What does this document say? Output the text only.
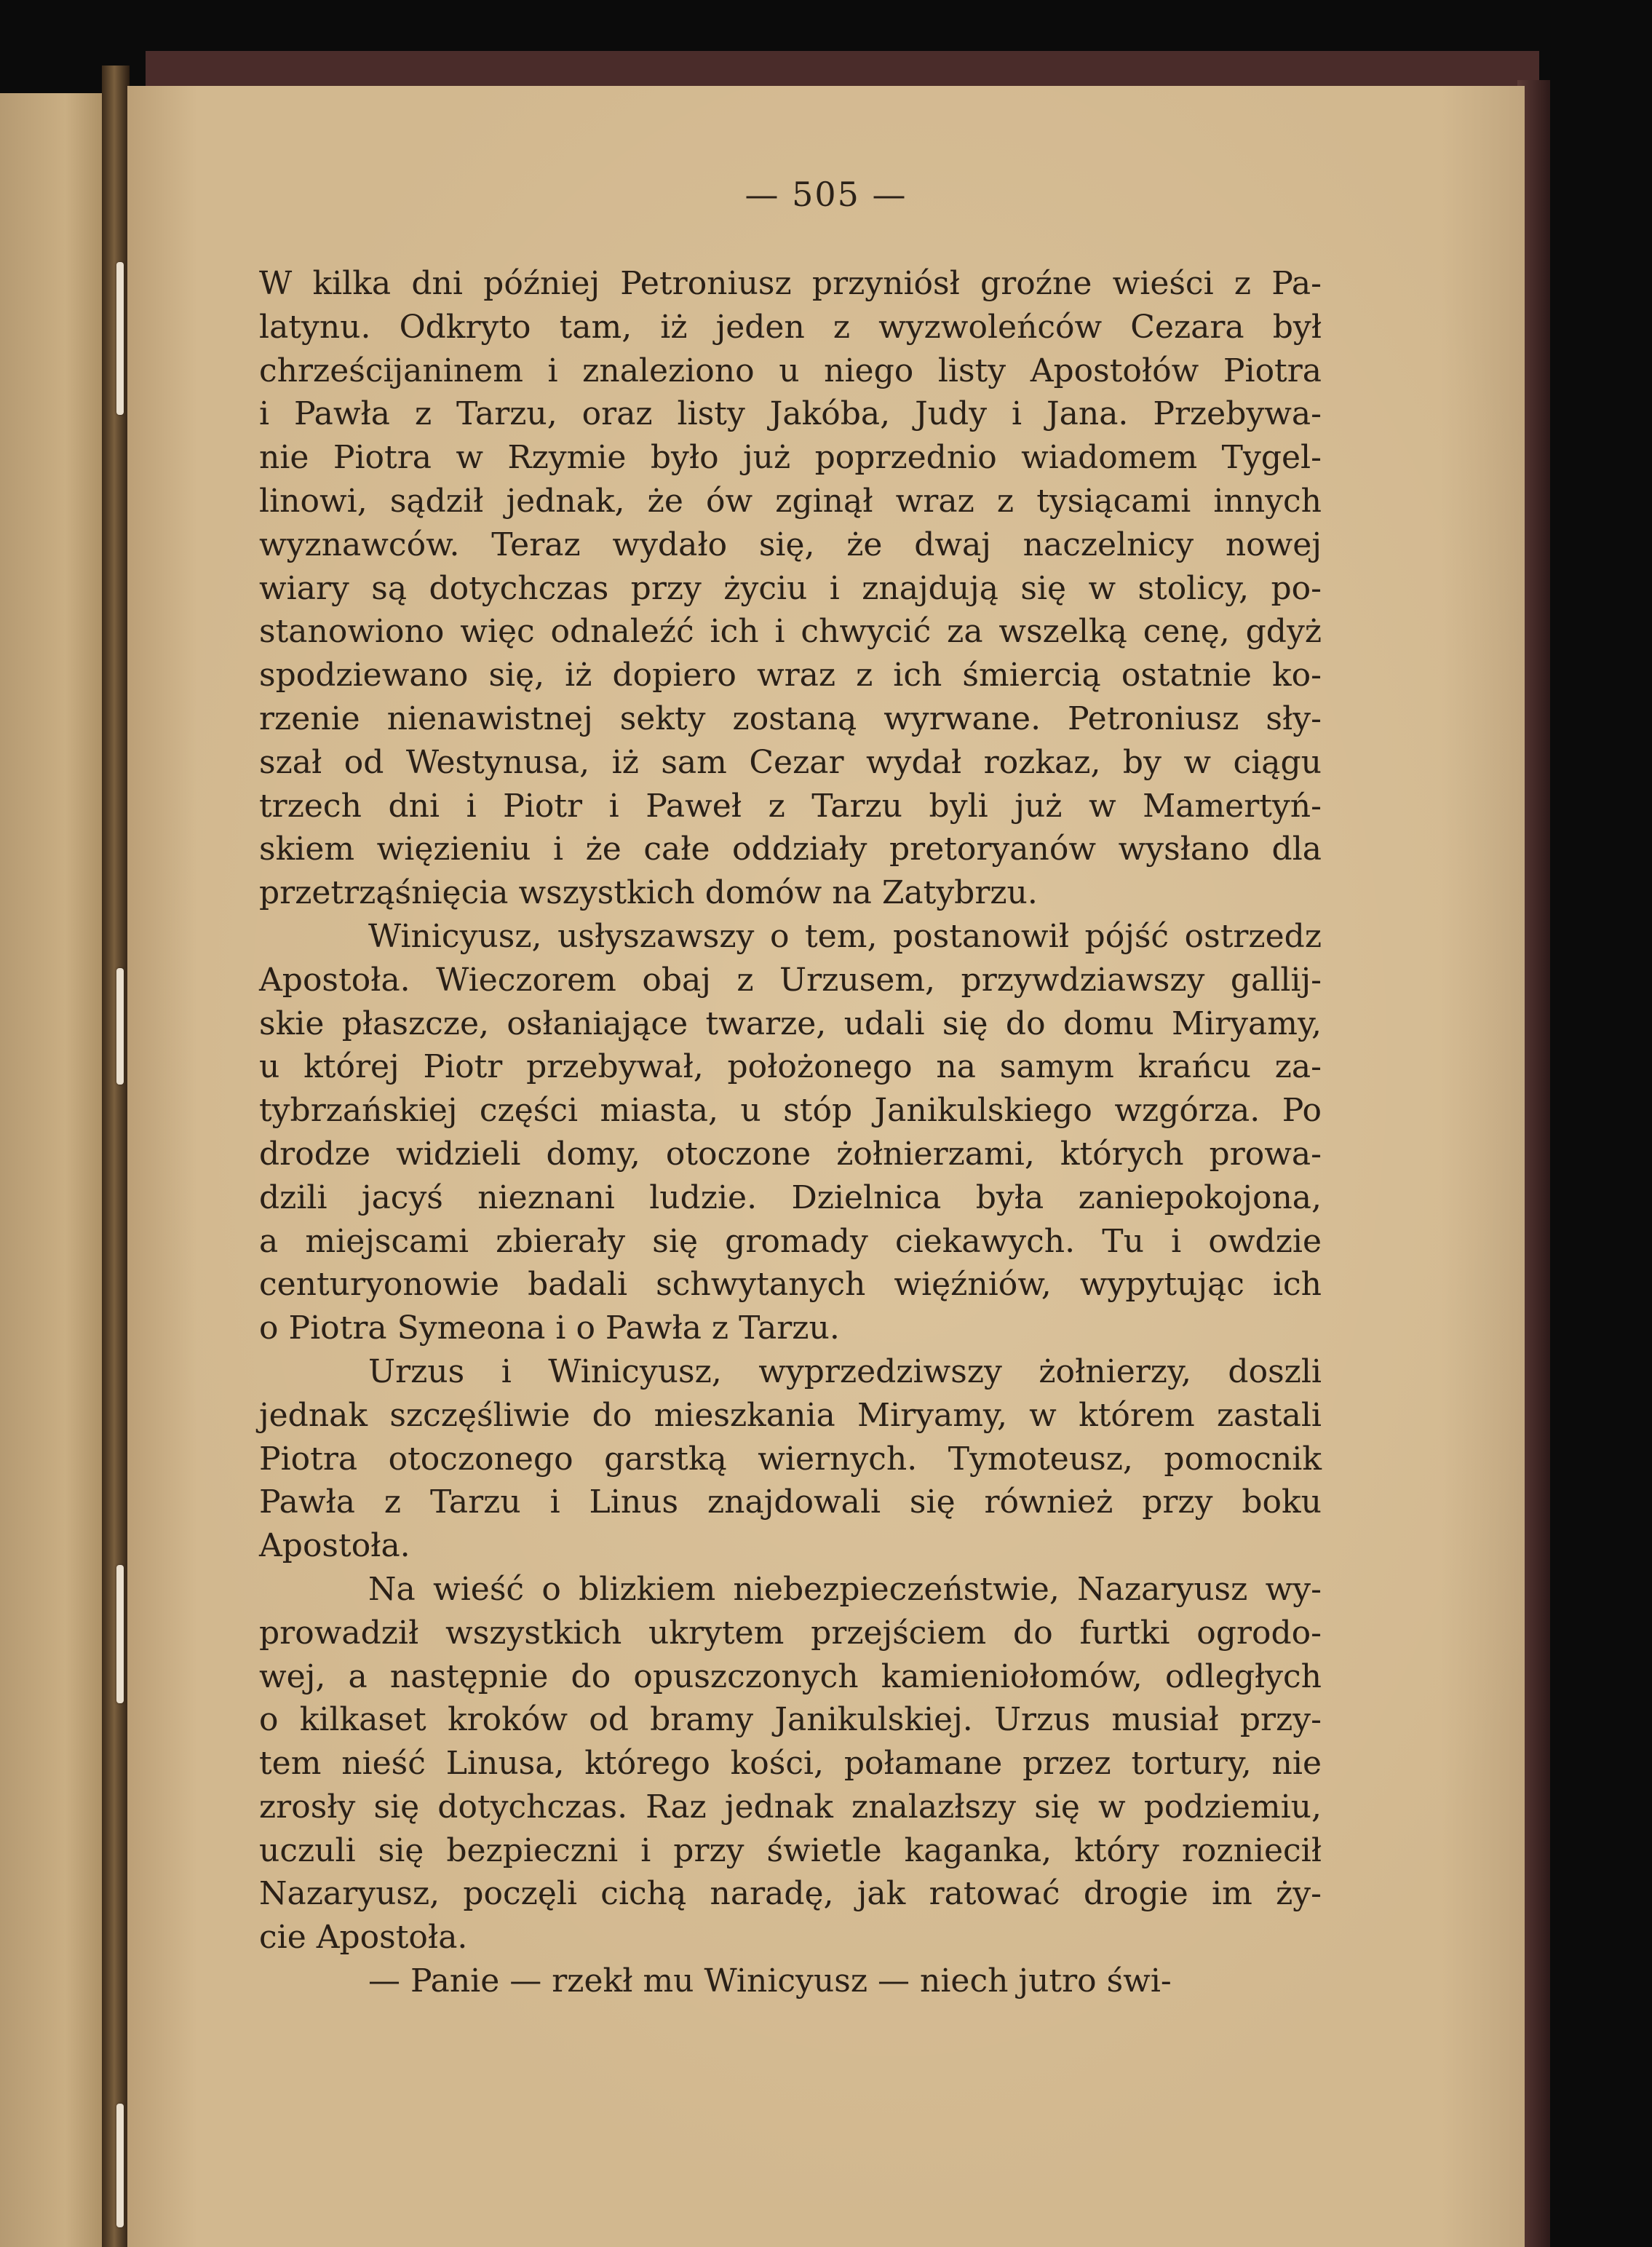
— 505 —

W kilka dni później Petroniusz przyniósł groźne wieści z Pa-
latynu. Odkryto tam, iż jeden z wyzwoleńców Cezara był
chrześcijaninem i znaleziono u niego listy Apostołów Piotra
i Pawła z Tarzu, oraz listy Jakóba, Judy i Jana. Przebywa-
nie Piotra w Rzymie było już poprzednio wiadomem Tygel-
linowi, sądził jednak, że ów zginął wraz z tysiącami innych
wyznawców. Teraz wydało się, że dwaj naczelnicy nowej
wiary są dotychczas przy życiu i znajdują się w stolicy, po-
stanowiono więc odnaleźć ich i chwycić za wszelką cenę, gdyż
spodziewano się, iż dopiero wraz z ich śmiercią ostatnie ko-
rzenie nienawistnej sekty zostaną wyrwane. Petroniusz sły-
szał od Westynusa, iż sam Cezar wydał rozkaz, by w ciągu
trzech dni i Piotr i Paweł z Tarzu byli już w Mamertyń-
skiem więzieniu i że całe oddziały pretoryanów wysłano dla
przetrząśnięcia wszystkich domów na Zatybrzu.

Winicyusz, usłyszawszy o tem, postanowił pójść ostrzedz
Apostoła. Wieczorem obaj z Urzusem, przywdziawszy gallij-
skie płaszcze, osłaniające twarze, udali się do domu Miryamy,
u której Piotr przebywał, położonego na samym krańcu za-
tybrzańskiej części miasta, u stóp Janikulskiego wzgórza. Po
drodze widzieli domy, otoczone żołnierzami, których prowa-
dzili jacyś nieznani ludzie. Dzielnica była zaniepokojona,
a miejscami zbierały się gromady ciekawych. Tu i owdzie
centuryonowie badali schwytanych więźniów, wypytując ich
o Piotra Symeona i o Pawła z Tarzu.

Urzus i Winicyusz, wyprzedziwszy żołnierzy, doszli
jednak szczęśliwie do mieszkania Miryamy, w którem zastali
Piotra otoczonego garstką wiernych. Tymoteusz, pomocnik
Pawła z Tarzu i Linus znajdowali się również przy boku
Apostoła.

Na wieść o blizkiem niebezpieczeństwie, Nazaryusz wy-
prowadził wszystkich ukrytem przejściem do furtki ogrodo-
wej, a następnie do opuszczonych kamieniołomów, odległych
o kilkaset kroków od bramy Janikulskiej. Urzus musiał przy-
tem nieść Linusa, którego kości, połamane przez tortury, nie
zrosły się dotychczas. Raz jednak znalazłszy się w podziemiu,
uczuli się bezpieczni i przy świetle kaganka, który rozniecił
Nazaryusz, poczęli cichą naradę, jak ratować drogie im ży-
cie Apostoła.

— Panie — rzekł mu Winicyusz — niech jutro świ-
